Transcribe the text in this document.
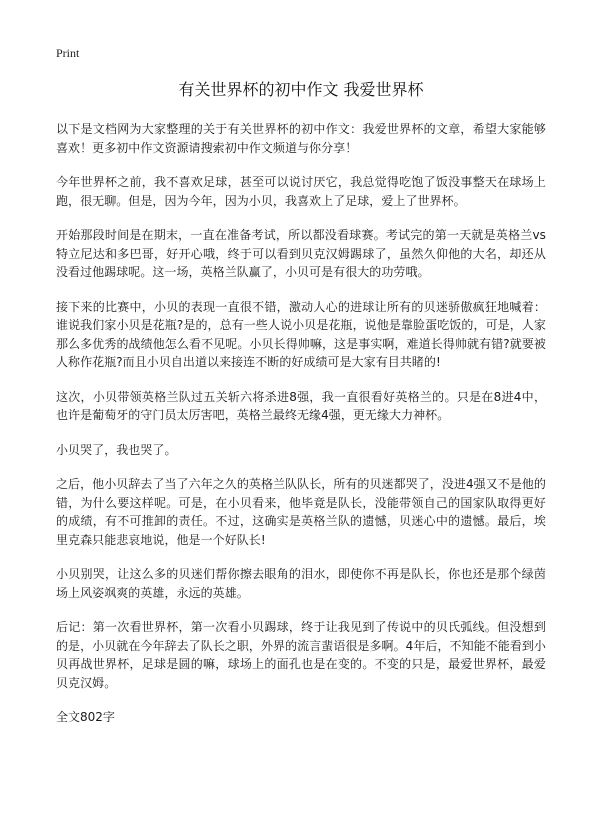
Print
有关世界杯的初中作文 我爱世界杯

以下是文档网为大家整理的关于有关世界杯的初中作文：我爱世界杯的文章，希望大家能够喜欢！更多初中作文资源请搜索初中作文频道与你分享！

今年世界杯之前，我不喜欢足球，甚至可以说讨厌它，我总觉得吃饱了饭没事整天在球场上跑，很无聊。但是，因为今年，因为小贝，我喜欢上了足球，爱上了世界杯。

开始那段时间是在期末，一直在准备考试，所以都没看球赛。考试完的第一天就是英格兰vs特立尼达和多巴哥，好开心哦，终于可以看到贝克汉姆踢球了，虽然久仰他的大名，却还从没看过他踢球呢。这一场，英格兰队赢了，小贝可是有很大的功劳哦。

接下来的比赛中，小贝的表现一直很不错，激动人心的进球让所有的贝迷骄傲疯狂地喊着：谁说我们家小贝是花瓶?是的，总有一些人说小贝是花瓶，说他是靠脸蛋吃饭的，可是，人家那么多优秀的战绩他怎么看不见呢。小贝长得帅嘛，这是事实啊，难道长得帅就有错?就要被人称作花瓶?而且小贝自出道以来接连不断的好成绩可是大家有目共睹的!

这次，小贝带领英格兰队过五关斩六将杀进8强，我一直很看好英格兰的。只是在8进4中，也许是葡萄牙的守门员太厉害吧，英格兰最终无缘4强，更无缘大力神杯。

小贝哭了，我也哭了。

之后，他小贝辞去了当了六年之久的英格兰队队长，所有的贝迷都哭了，没进4强又不是他的错，为什么要这样呢。可是，在小贝看来，他毕竟是队长，没能带领自己的国家队取得更好的成绩，有不可推卸的责任。不过，这确实是英格兰队的遗憾，贝迷心中的遗憾。最后，埃里克森只能悲哀地说，他是一个好队长!

小贝别哭，让这么多的贝迷们帮你擦去眼角的泪水，即使你不再是队长，你也还是那个绿茵场上风姿飒爽的英雄，永远的英雄。

后记：第一次看世界杯，第一次看小贝踢球，终于让我见到了传说中的贝氏弧线。但没想到的是，小贝就在今年辞去了队长之职，外界的流言蜚语很是多啊。4年后，不知能不能看到小贝再战世界杯，足球是圆的嘛，球场上的面孔也是在变的。不变的只是，最爱世界杯，最爱贝克汉姆。

全文802字
